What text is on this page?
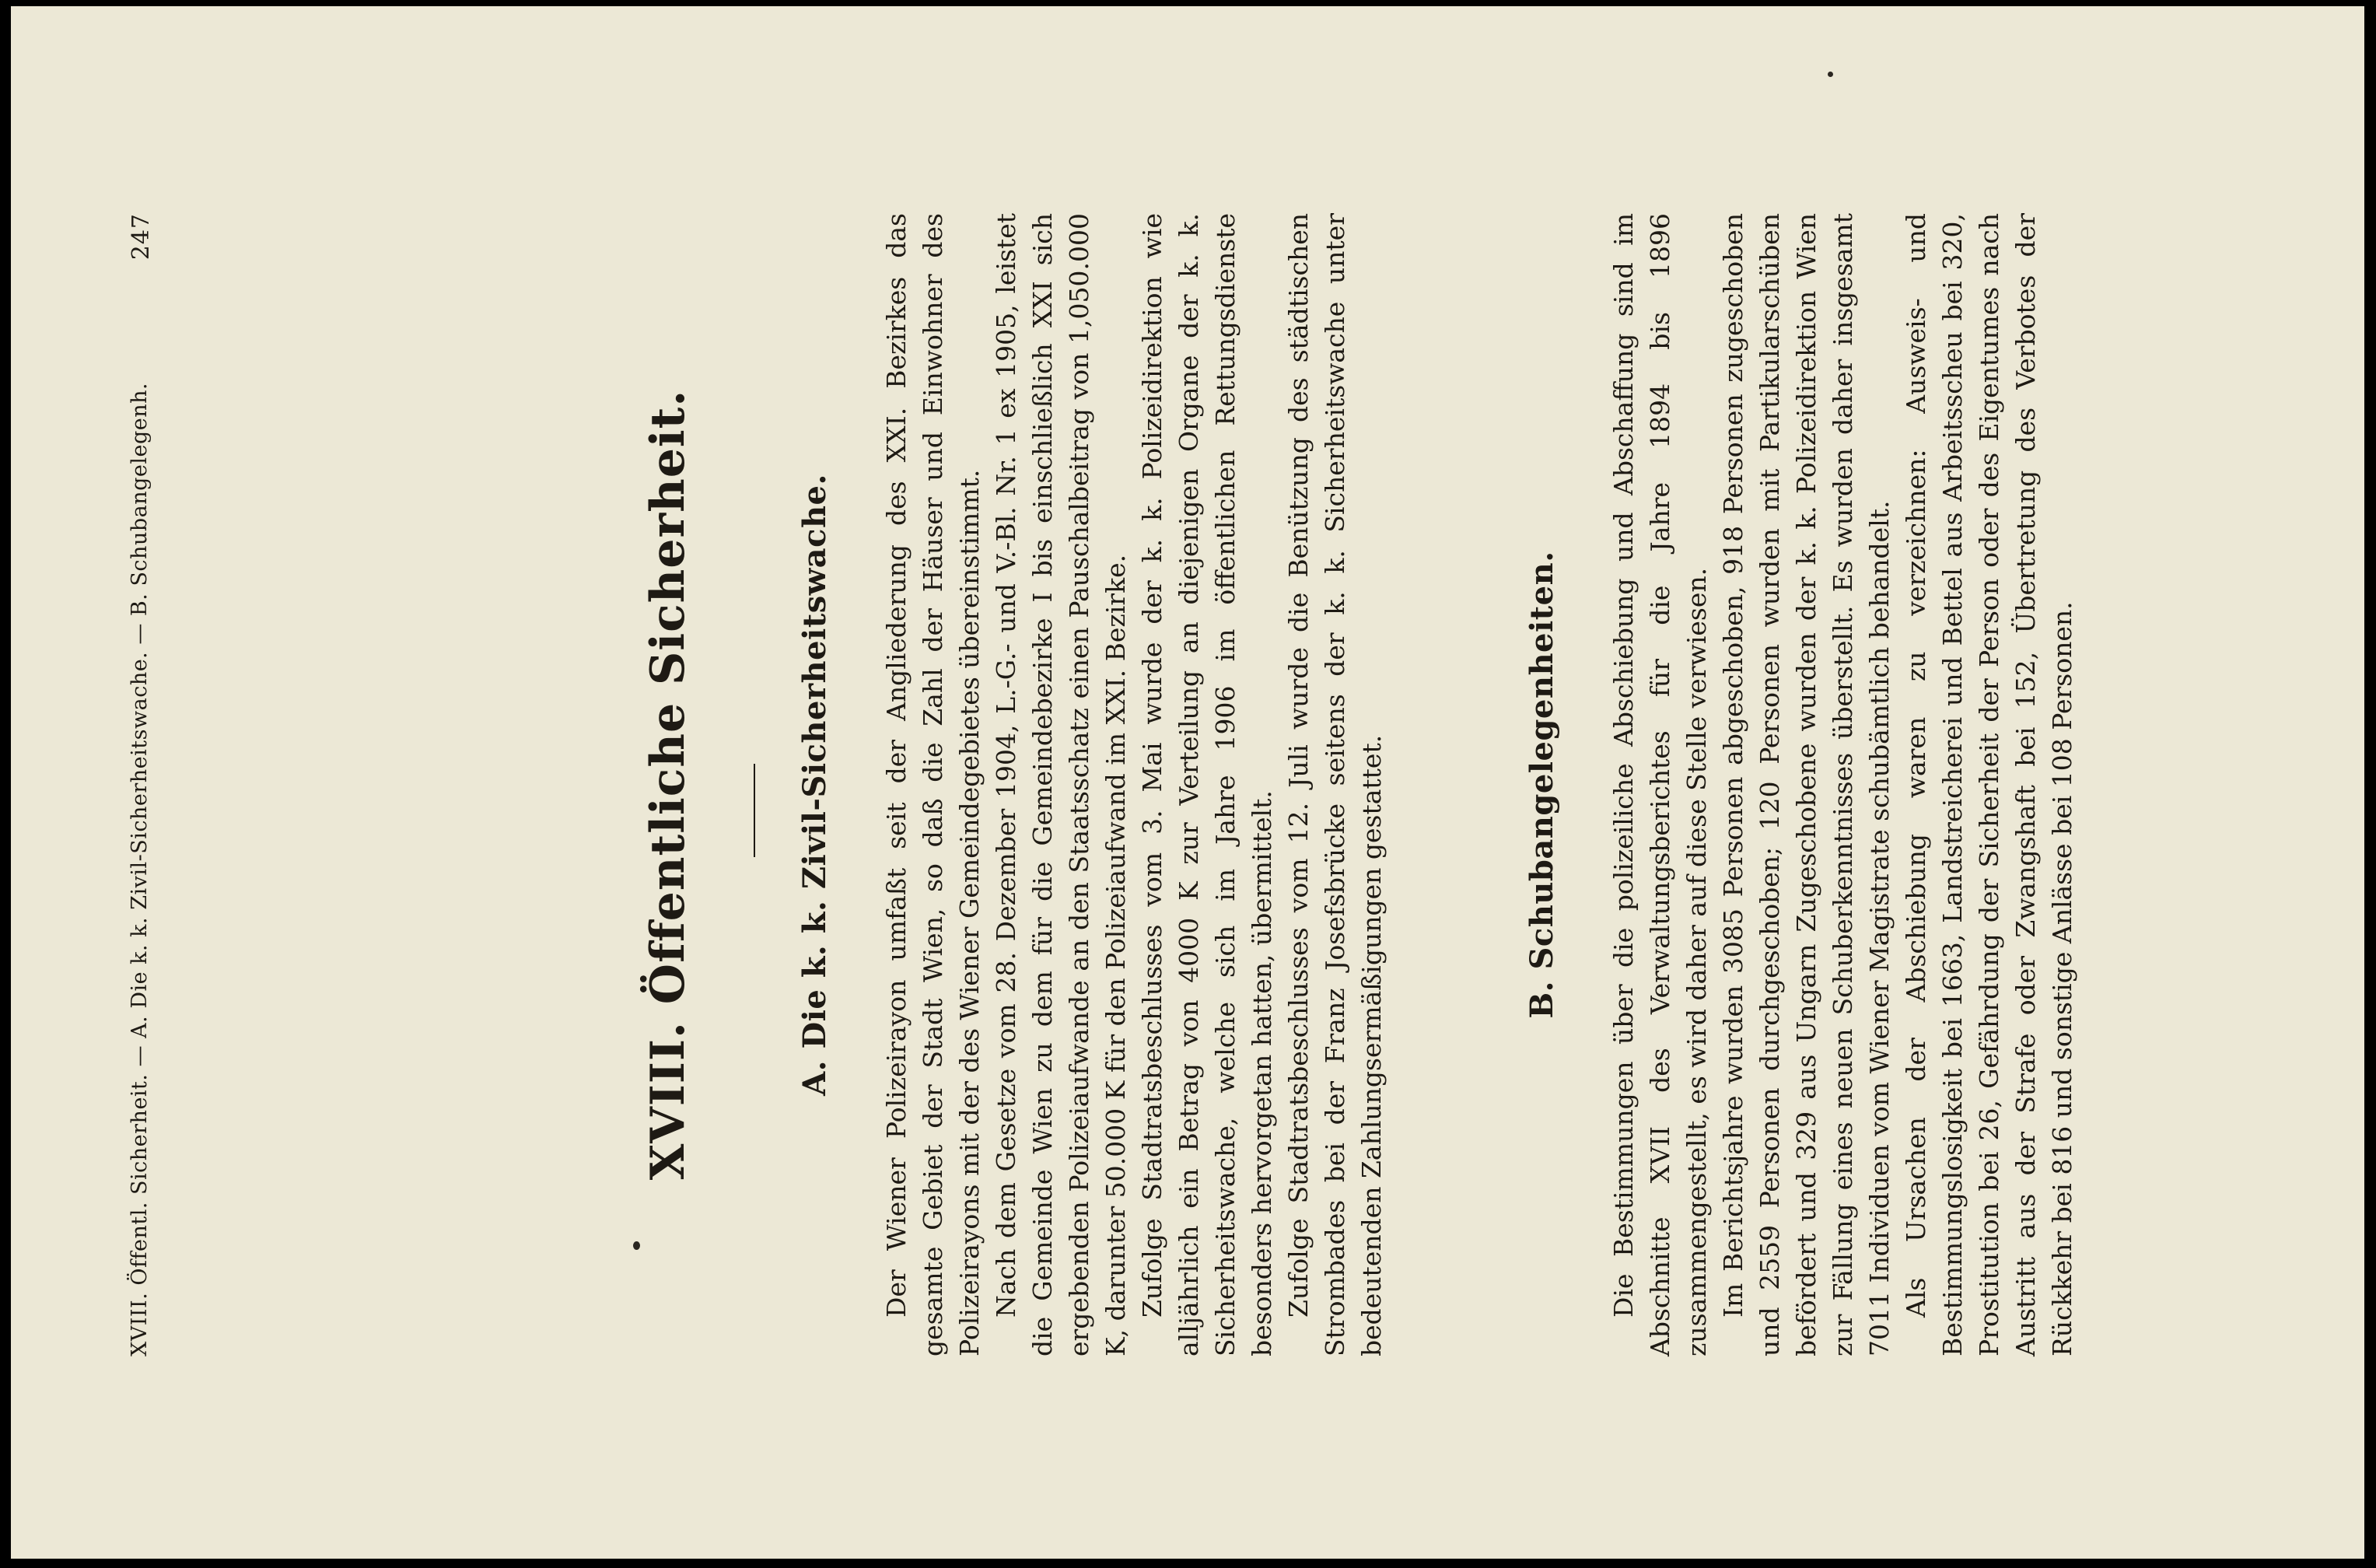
XVIII. Öffentl. Sicherheit. — A. Die k. k. Zivil-Sicherheitswache. — B. Schubangelegenh.
247
XVIII. Öffentliche Sicherheit.	A. Die k. k. Zivil-Sicherheitswache. Der Wiener Polizeirayon umfaßt seit der Angliederung des XXI. Bezirkes das gesamte Gebiet der Stadt Wien, so daß die Zahl der Häuser und Einwohner des Polizeirayons mit der des Wiener Gemeindegebietes übereinstimmt. Nach dem Gesetze vom 28. Dezember 1904, L.-G.- und V.-Bl. Nr. 1 ex 1905, leistet die Gemeinde Wien zu dem für die Gemeindebezirke I bis einschließlich XXI sich ergebenden Polizeiaufwande an den Staatsschatz einen Pauschalbeitrag von 1,050.000 K, darunter 50.000 K für den Polizeiaufwand im XXI. Bezirke. Zufolge Stadtratsbeschlusses vom 3. Mai wurde der k. k. Polizeidirektion wie alljährlich ein Betrag von 4000 K zur Verteilung an diejenigen Organe der k. k. Sicherheitswache, welche sich im Jahre 1906 im öffentlichen Rettungsdienste besonders hervorgetan hatten, übermittelt. Zufolge Stadtratsbeschlusses vom 12. Juli wurde die Benützung des städtischen Strombades bei der Franz Josefsbrücke seitens der k. k. Sicherheitswache unter bedeutenden Zahlungsermäßigungen gestattet.	B. Schubangelegenheiten. Die Bestimmungen über die polizeiliche Abschiebung und Abschaffung sind im Abschnitte XVII des Verwaltungsberichtes für die Jahre 1894 bis 1896 zusammengestellt, es wird daher auf diese Stelle verwiesen. Im Berichtsjahre wurden 3085 Personen abgeschoben, 918 Personen zugeschoben und 2559 Personen durchgeschoben; 120 Personen wurden mit Partikularschüben befördert und 329 aus Ungarn Zugeschobene wurden der k. k. Polizeidirektion Wien zur Fällung eines neuen Schuberkenntnisses überstellt. Es wurden daher insgesamt 7011 Individuen vom Wiener Magistrate schubämtlich behandelt. Als Ursachen der Abschiebung waren zu verzeichnen: Ausweis- und Bestimmungslosigkeit bei 1663, Landstreicherei und Bettel aus Arbeitsscheu bei 320, Prostitution bei 26, Gefährdung der Sicherheit der Person oder des Eigentumes nach Austritt aus der Strafe oder Zwangshaft bei 152, Übertretung des Verbotes der Rückkehr bei 816 und sonstige Anlässe bei 108 Personen.
